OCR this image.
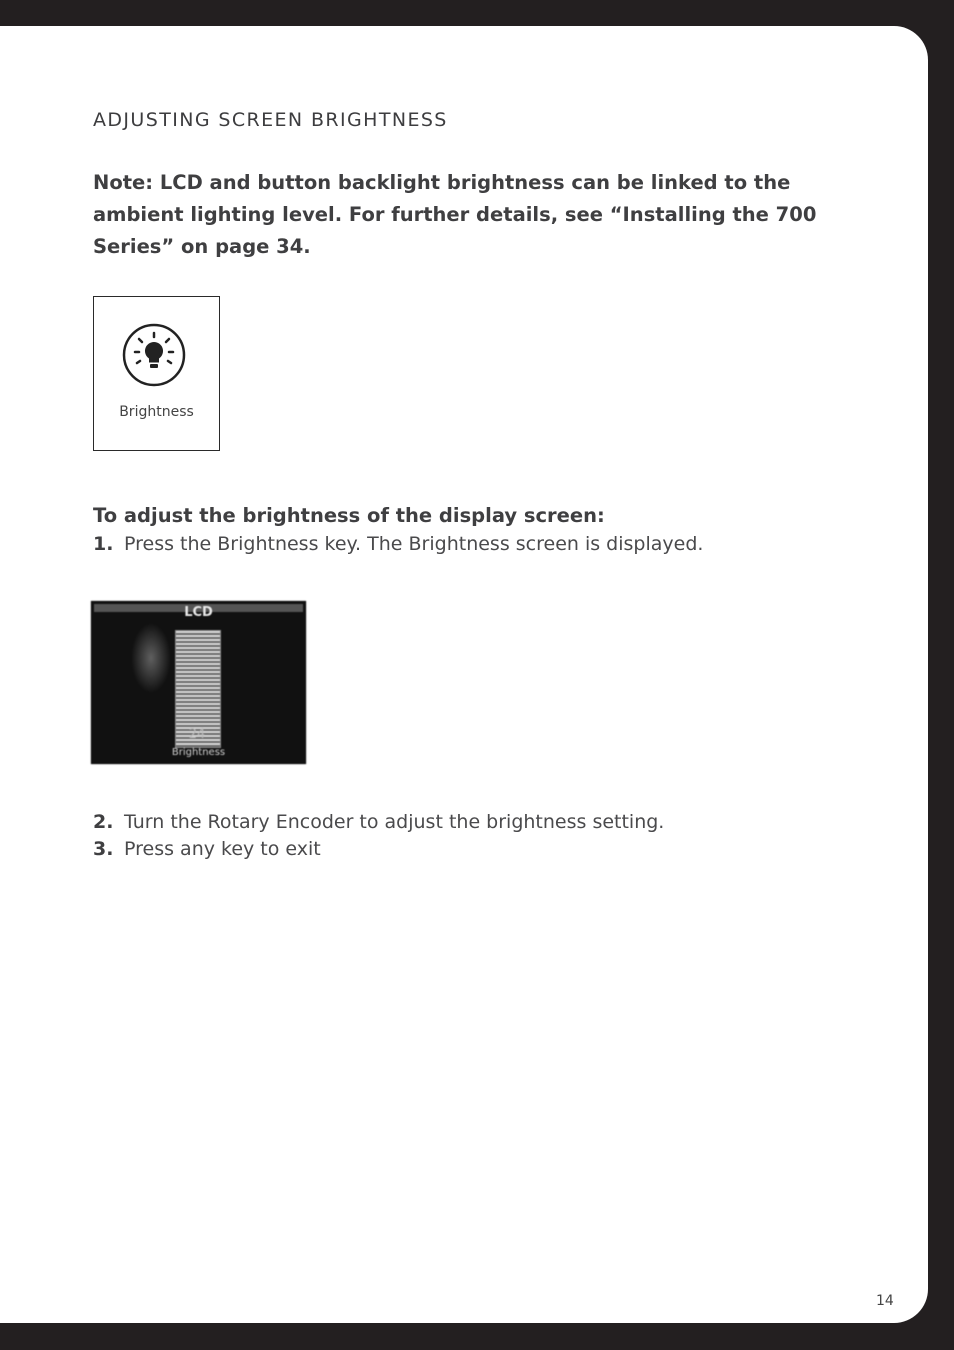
ADJUSTING SCREEN BRIGHTNESS

Note: LCD and button backlight brightness can be linked to the ambient lighting level. For further details, see “Installing the 700 Series” on page 34.

Brightness
To adjust the brightness of the display screen:
1. Press the Brightness key. The Brightness screen is displayed.
LCD
24
Brightness
2. Turn the Rotary Encoder to adjust the brightness setting.
3. Press any key to exit
14
